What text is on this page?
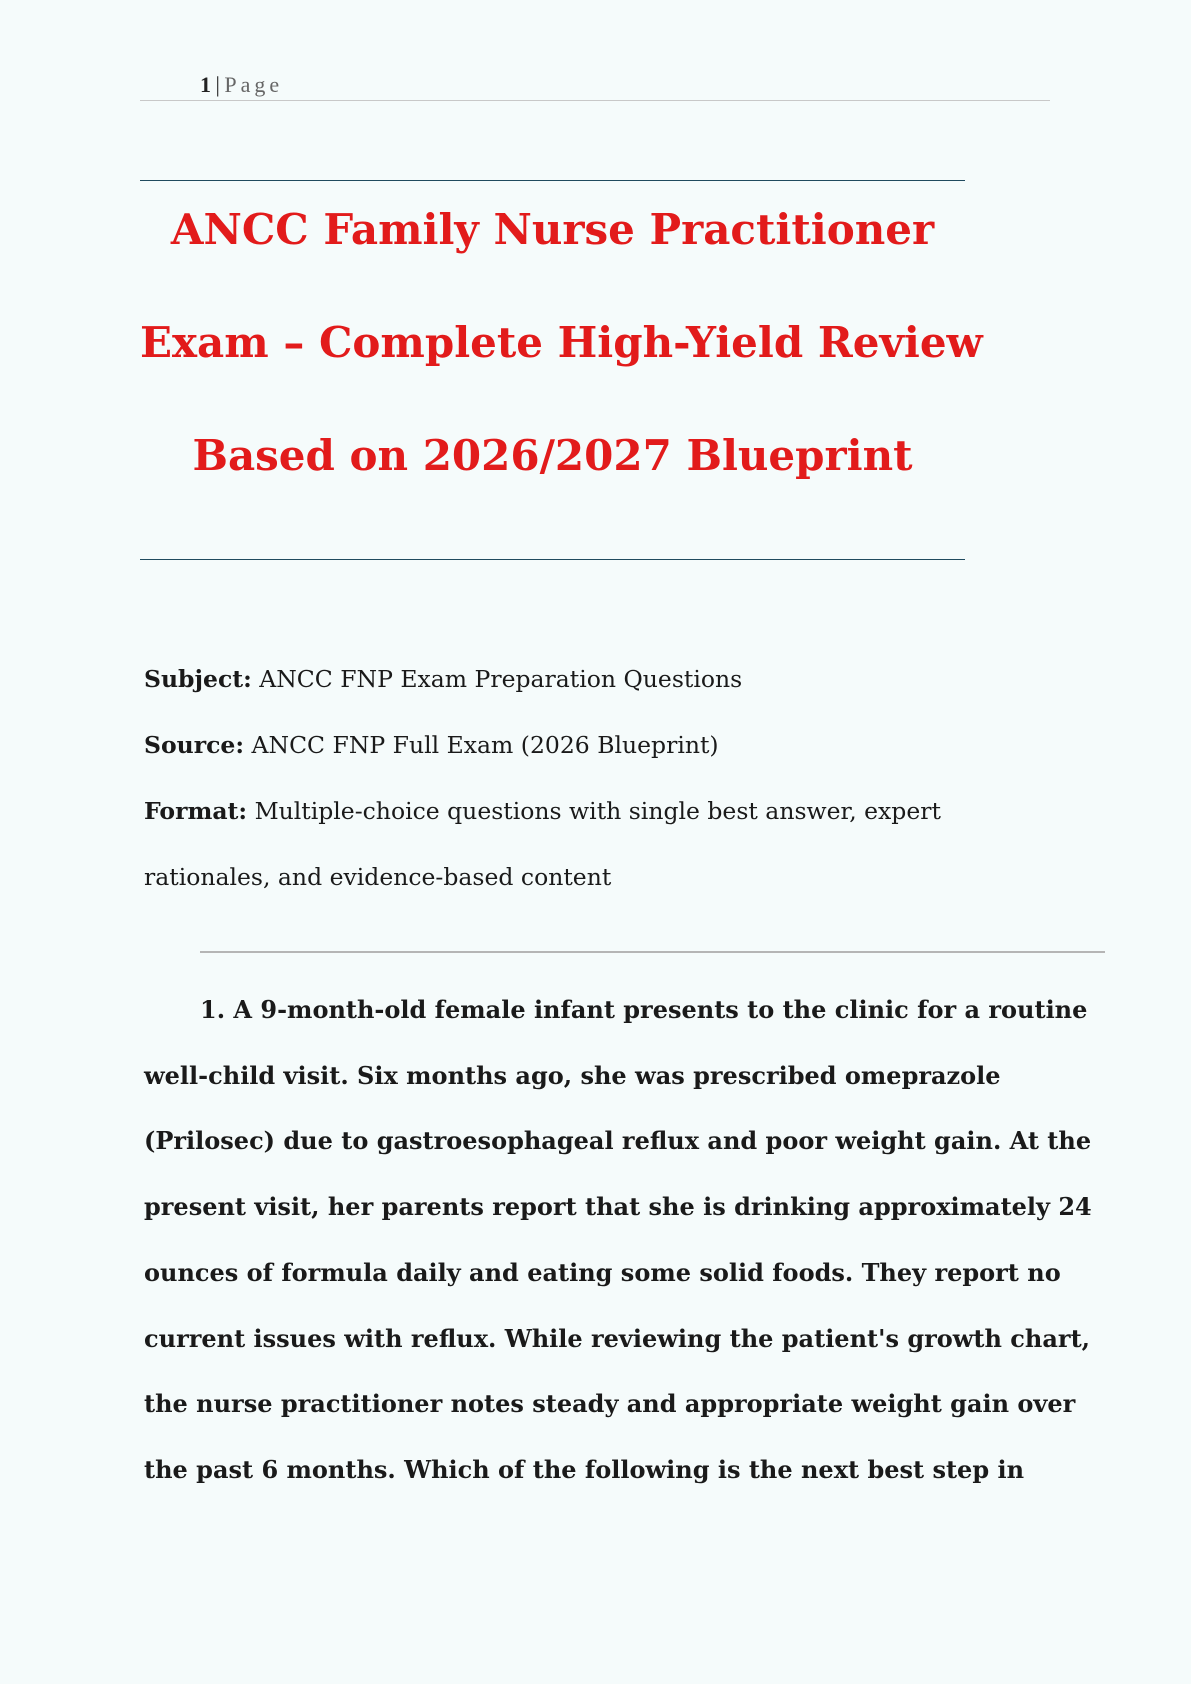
1 | Page
ANCC Family Nurse Practitioner
Exam – Complete High-Yield Review
Based on 2026/2027 Blueprint
Subject: ANCC FNP Exam Preparation Questions
Source: ANCC FNP Full Exam (2026 Blueprint)
Format: Multiple-choice questions with single best answer, expert
rationales, and evidence-based content
1. A 9-month-old female infant presents to the clinic for a routine
well-child visit. Six months ago, she was prescribed omeprazole
(Prilosec) due to gastroesophageal reflux and poor weight gain. At the
present visit, her parents report that she is drinking approximately 24
ounces of formula daily and eating some solid foods. They report no
current issues with reflux. While reviewing the patient's growth chart,
the nurse practitioner notes steady and appropriate weight gain over
the past 6 months. Which of the following is the next best step in
